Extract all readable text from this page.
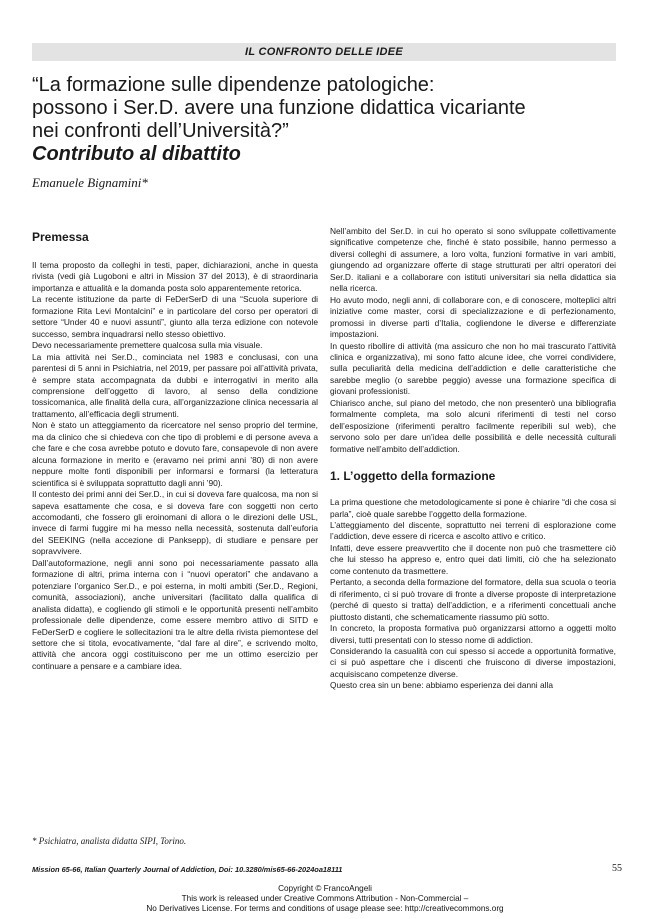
IL CONFRONTO DELLE IDEE
“La formazione sulle dipendenze patologiche:
possono i Ser.D. avere una funzione didattica vicariante
nei confronti dell’Università?”
Contributo al dibattito
Emanuele Bignamini*
Premessa

Il tema proposto da colleghi in testi, paper, dichiarazioni, anche in questa rivista (vedi già Lugoboni e altri in Mission 37 del 2013), è di straordinaria importanza e attualità e la domanda posta solo apparentemente retorica.

La recente istituzione da parte di FeDerSerD di una “Scuola superiore di formazione Rita Levi Montalcini” e in particolare del corso per operatori di settore “Under 40 e nuovi assunti”, giunto alla terza edizione con notevole successo, sembra inquadrarsi nello stesso obiettivo.

Devo necessariamente premettere qualcosa sulla mia visuale.

La mia attività nei Ser.D., cominciata nel 1983 e conclusasi, con una parentesi di 5 anni in Psichiatria, nel 2019, per passare poi all’attività privata, è sempre stata accompagnata da dubbi e interrogativi in merito alla comprensione dell’oggetto di lavoro, al senso della condizione tossicomanica, alle finalità della cura, all’organizzazione clinica necessaria al trattamento, all’efficacia degli strumenti.

Non è stato un atteggiamento da ricercatore nel senso proprio del termine, ma da clinico che si chiedeva con che tipo di problemi e di persone aveva a che fare e che cosa avrebbe potuto e dovuto fare, consapevole di non avere alcuna formazione in merito e (eravamo nei primi anni ’80) di non avere neppure molte fonti disponibili per informarsi e formarsi (la letteratura scientifica si è sviluppata soprattutto dagli anni ’90).

Il contesto dei primi anni dei Ser.D., in cui si doveva fare qualcosa, ma non si sapeva esattamente che cosa, e si doveva fare con soggetti non certo accomodanti, che fossero gli eroinomani di allora o le direzioni delle USL, invece di farmi fuggire mi ha messo nella necessità, sostenuta dall’euforia del SEEKING (nella accezione di Panksepp), di studiare e pensare per sopravvivere.

Dall’autoformazione, negli anni sono poi necessariamente passato alla formazione di altri, prima interna con i “nuovi operatori” che andavano a potenziare l’organico Ser.D., e poi esterna, in molti ambiti (Ser.D., Regioni, comunità, associazioni), anche universitari (facilitato dalla qualifica di analista didatta), e cogliendo gli stimoli e le opportunità presenti nell’ambito professionale delle dipendenze, come essere membro attivo di SITD e FeDerSerD e cogliere le sollecitazioni tra le altre della rivista piemontese del settore che si titola, evocativamente, “dal fare al dire”, e scrivendo molto, attività che ancora oggi costituiscono per me un ottimo esercizio per continuare a pensare e a cambiare idea.

Nell’ambito del Ser.D. in cui ho operato si sono sviluppate collettivamente significative competenze che, finché è stato possibile, hanno permesso a diversi colleghi di assumere, a loro volta, funzioni formative in vari ambiti, giungendo ad organizzare offerte di stage strutturati per altri operatori dei Ser.D. italiani e a collaborare con istituti universitari sia nella didattica sia nella ricerca.

Ho avuto modo, negli anni, di collaborare con, e di conoscere, molteplici altri iniziative come master, corsi di specializzazione e di perfezionamento, promossi in diverse parti d’Italia, cogliendone le diverse e differenziate impostazioni.

In questo ribollire di attività (ma assicuro che non ho mai trascurato l’attività clinica e organizzativa), mi sono fatto alcune idee, che vorrei condividere, sulla peculiarità della medicina dell’addiction e delle caratteristiche che sarebbe meglio (o sarebbe peggio) avesse una formazione specifica di giovani professionisti.

Chiarisco anche, sul piano del metodo, che non presenterò una bibliografia formalmente completa, ma solo alcuni riferimenti di testi nel corso dell’esposizione (riferimenti peraltro facilmente reperibili sul web), che servono solo per dare un’idea delle possibilità e delle necessità culturali formative nell’ambito dell’addiction.

1. L’oggetto della formazione

La prima questione che metodologicamente si pone è chiarire “di che cosa si parla”, cioè quale sarebbe l’oggetto della formazione.

L’atteggiamento del discente, soprattutto nei terreni di esplorazione come l’addiction, deve essere di ricerca e ascolto attivo e critico.

Infatti, deve essere preavvertito che il docente non può che trasmettere ciò che lui stesso ha appreso e, entro quei dati limiti, ciò che ha selezionato come contenuto da trasmettere.

Pertanto, a seconda della formazione del formatore, della sua scuola o teoria di riferimento, ci si può trovare di fronte a diverse proposte di interpretazione (perché di questo si tratta) dell’addiction, e a riferimenti concettuali anche piuttosto distanti, che schematicamente riassumo più sotto.

In concreto, la proposta formativa può organizzarsi attorno a oggetti molto diversi, tutti presentati con lo stesso nome di addiction.

Considerando la casualità con cui spesso si accede a opportunità formative, ci si può aspettare che i discenti che fruiscono di diverse impostazioni, acquisiscano competenze diverse.

Questo crea sin un bene: abbiamo esperienza dei danni alla

* Psichiatra, analista didatta SIPI, Torino.
Mission 65-66, Italian Quarterly Journal of Addiction, Doi: 10.3280/mis65-66-2024oa18111	55
Copyright © FrancoAngeli
This work is released under Creative Commons Attribution - Non-Commercial –
No Derivatives License. For terms and conditions of usage please see: http://creativecommons.org
